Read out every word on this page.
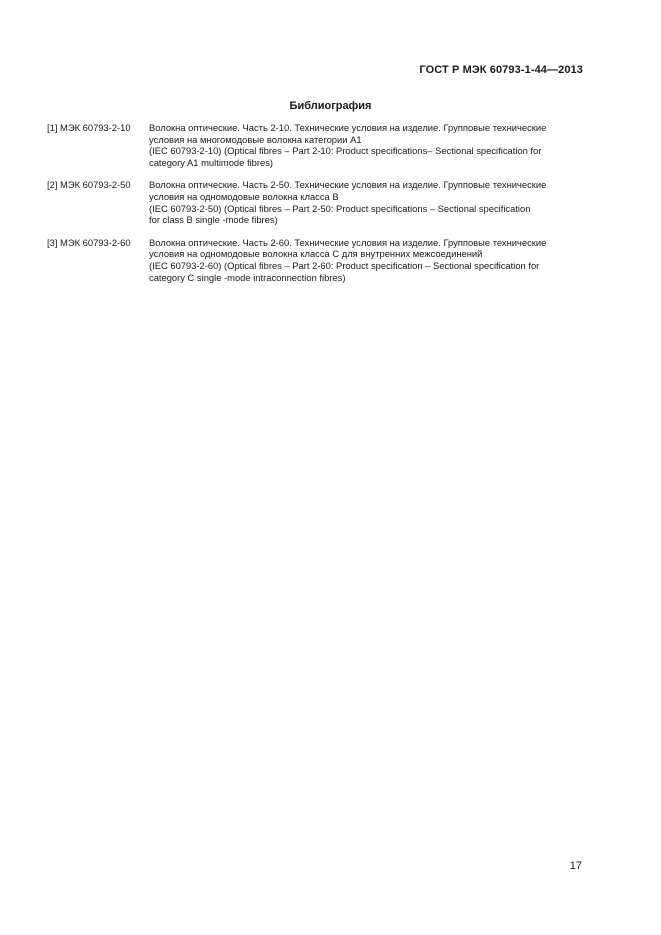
ГОСТ Р МЭК 60793-1-44—2013
Библиография
[1] МЭК 60793-2-10	Волокна оптические. Часть 2-10. Технические условия на изделие. Групповые технические
условия на многомодовые волокна категории А1
(IEC 60793-2-10) (Optical fibres – Part 2-10: Product specifications– Sectional specification for
category A1 multimode fibres)
[2] МЭК 60793-2-50	Волокна оптические. Часть 2-50. Технические условия на изделие. Групповые технические
условия на одномодовые волокна класса В
(IEC 60793-2-50) (Optical fibres – Part 2-50: Product specifications – Sectional specification
for class B single -mode fibres)
[3] МЭК 60793-2-60	Волокна оптические. Часть 2-60. Технические условия на изделие. Групповые технические
условия на одномодовые волокна класса С для внутренних межсоединений
(IEC 60793-2-60) (Optical fibres – Part 2-60: Product specification – Sectional specification for
category C single -mode intraconnection fibres)
17
